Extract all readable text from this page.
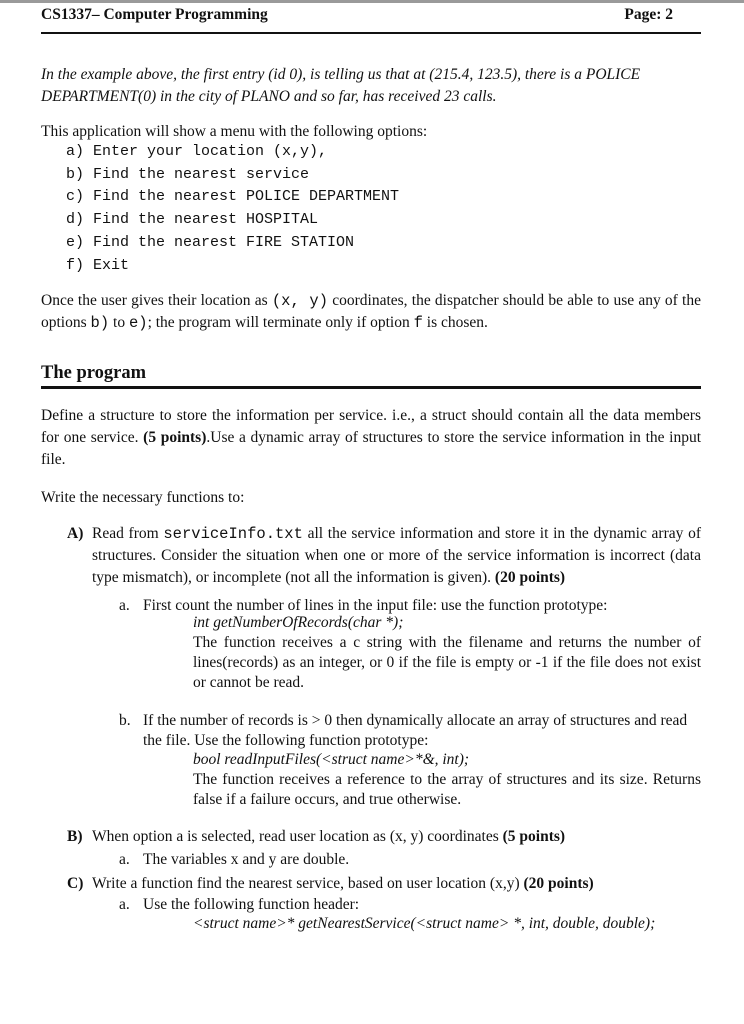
CS1337– Computer Programming	Page: 2
In the example above, the first entry (id 0), is telling us that at (215.4, 123.5), there is a POLICE DEPARTMENT(0) in the city of PLANO and so far, has received 23 calls.
This application will show a menu with the following options:
a) Enter your location (x,y),
b) Find the nearest service
c) Find the nearest POLICE DEPARTMENT
d) Find the nearest HOSPITAL
e) Find the nearest FIRE STATION
f) Exit
Once the user gives their location as (x, y) coordinates, the dispatcher should be able to use any of the options b) to e); the program will terminate only if option f is chosen.
The program
Define a structure to store the information per service. i.e., a struct should contain all the data members for one service. (5 points).Use a dynamic array of structures to store the service information in the input file.
Write the necessary functions to:
A) Read from serviceInfo.txt all the service information and store it in the dynamic array of structures. Consider the situation when one or more of the service information is incorrect (data type mismatch), or incomplete (not all the information is given). (20 points)
a. First count the number of lines in the input file: use the function prototype:
int getNumberOfRecords(char *);
The function receives a c string with the filename and returns the number of lines(records) as an integer, or 0 if the file is empty or -1 if the file does not exist or cannot be read.
b. If the number of records is > 0 then dynamically allocate an array of structures and read the file. Use the following function prototype:
bool readInputFiles(<struct name>*&, int);
The function receives a reference to the array of structures and its size. Returns false if a failure occurs, and true otherwise.
B) When option a is selected, read user location as (x, y) coordinates (5 points)
a. The variables x and y are double.
C) Write a function find the nearest service, based on user location (x,y) (20 points)
a. Use the following function header:
<struct name>* getNearestService(<struct name> *, int, double, double);
